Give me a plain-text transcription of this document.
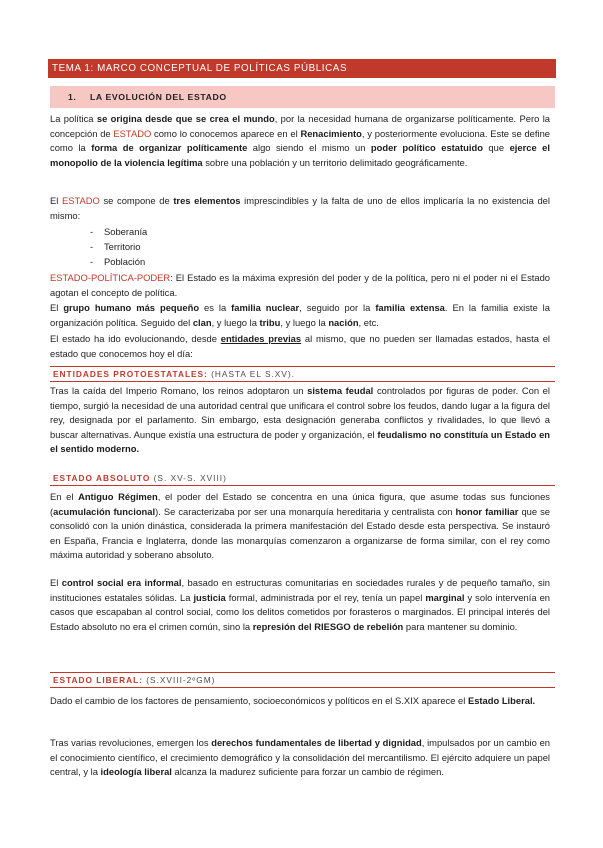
TEMA 1: MARCO CONCEPTUAL DE POLÍTICAS PÚBLICAS
1. LA EVOLUCIÓN DEL ESTADO

La política se origina desde que se crea el mundo, por la necesidad humana de organizarse políticamente. Pero la concepción de ESTADO como lo conocemos aparece en el Renacimiento, y posteriormente evoluciona. Este se define como la forma de organizar políticamente algo siendo el mismo un poder político estatuido que ejerce el monopolio de la violencia legítima sobre una población y un territorio delimitado geográficamente.

El ESTADO se compone de tres elementos imprescindibles y la falta de uno de ellos implicaría la no existencia del mismo:

- Soberanía

- Territorio

- Población

ESTADO-POLÍTICA-PODER: El Estado es la máxima expresión del poder y de la política, pero ni el poder ni el Estado agotan el concepto de política.

El grupo humano más pequeño es la familia nuclear, seguido por la familia extensa. En la familia existe la organización política. Seguido del clan, y luego la tribu, y luego la nación, etc.

El estado ha ido evolucionando, desde entidades previas al mismo, que no pueden ser llamadas estados, hasta el estado que conocemos hoy el día:

ENTIDADES PROTOESTATALES: (HASTA EL S.XV).

Tras la caída del Imperio Romano, los reinos adoptaron un sistema feudal controlados por figuras de poder. Con el tiempo, surgió la necesidad de una autoridad central que unificara el control sobre los feudos, dando lugar a la figura del rey, designada por el parlamento. Sin embargo, esta designación generaba conflictos y rivalidades, lo que llevó a buscar alternativas. Aunque existía una estructura de poder y organización, el feudalismo no constituía un Estado en el sentido moderno.

ESTADO ABSOLUTO (S. XV-S. XVIII)

En el Antiguo Régimen, el poder del Estado se concentra en una única figura, que asume todas sus funciones (acumulación funcional). Se caracterizaba por ser una monarquía hereditaria y centralista con honor familiar que se consolidó con la unión dinástica, considerada la primera manifestación del Estado desde esta perspectiva. Se instauró en España, Francia e Inglaterra, donde las monarquías comenzaron a organizarse de forma similar, con el rey como máxima autoridad y soberano absoluto.

El control social era informal, basado en estructuras comunitarias en sociedades rurales y de pequeño tamaño, sin instituciones estatales sólidas. La justicia formal, administrada por el rey, tenía un papel marginal y solo intervenía en casos que escapaban al control social, como los delitos cometidos por forasteros o marginados. El principal interés del Estado absoluto no era el crimen común, sino la represión del RIESGO de rebelión para mantener su dominio.

ESTADO LIBERAL: (S.XVIII-2ºGM)

Dado el cambio de los factores de pensamiento, socioeconómicos y políticos en el S.XIX aparece el Estado Liberal.

Tras varias revoluciones, emergen los derechos fundamentales de libertad y dignidad, impulsados por un cambio en el conocimiento científico, el crecimiento demográfico y la consolidación del mercantilismo. El ejército adquiere un papel central, y la ideología liberal alcanza la madurez suficiente para forzar un cambio de régimen.
